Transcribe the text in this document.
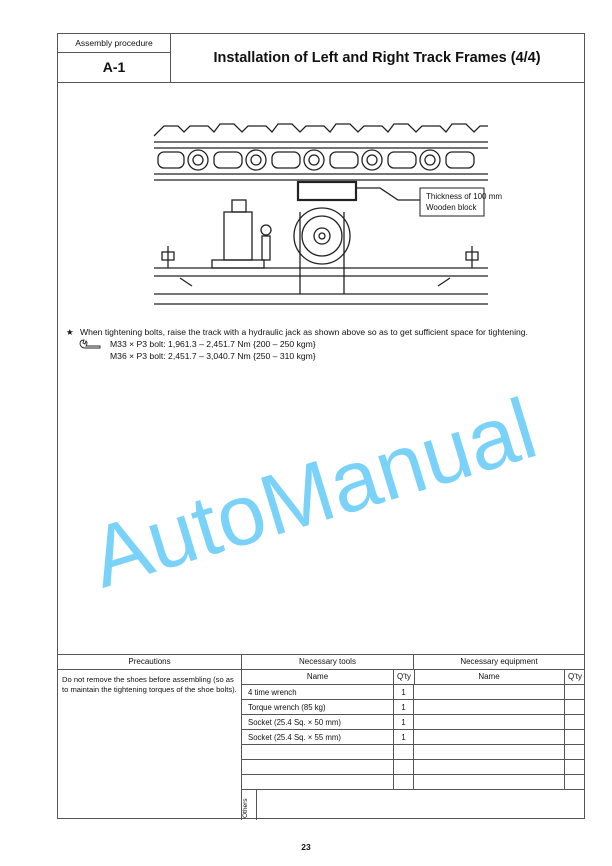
Assembly procedure
A-1
Installation of Left and Right Track Frames (4/4)
Thickness of 100 mm
Wooden block
★ When tightening bolts, raise the track with a hydraulic jack as shown above so as to get sufficient space for tightening.
M33 × P3 bolt: 1,961.3 – 2,451.7 Nm {200 – 250 kgm}
M36 × P3 bolt: 2,451.7 – 3,040.7 Nm {250 – 310 kgm}
Precautions
Do not remove the shoes before assembling (so as to maintain the tightening torques of the shoe bolts).
Necessary tools	Necessary equipment
Name	Q'ty	Name	Q'ty
4 time wrench	1
Torque wrench (85 kg)	1
Socket (25.4 Sq. × 50 mm)	1
Socket (25.4 Sq. × 55 mm)	1
Others
AutoManual
23
